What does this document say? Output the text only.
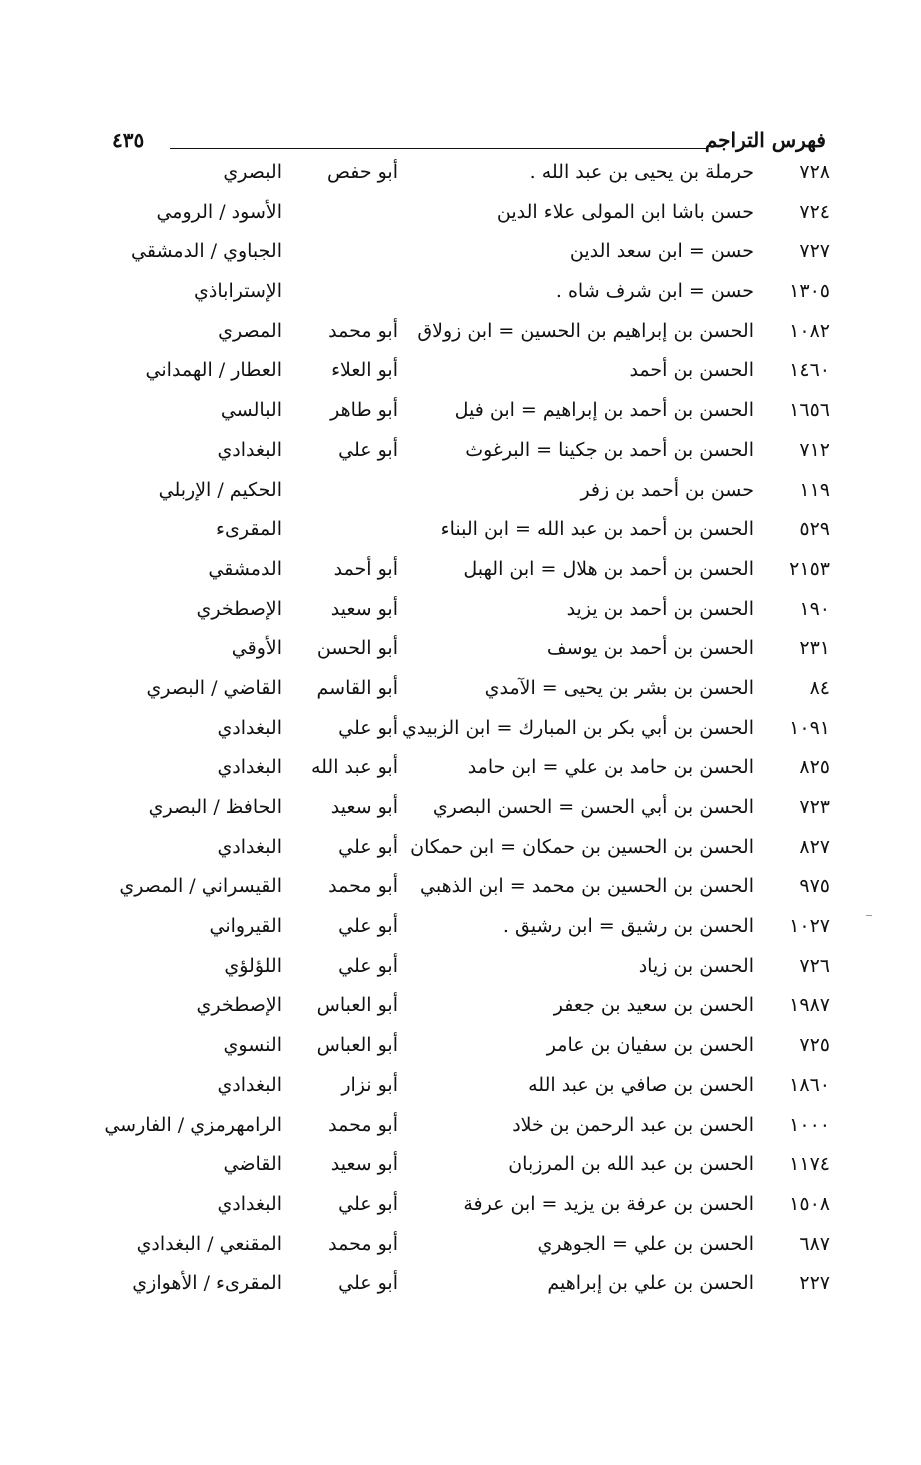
٤٣٥	فهرس التراجم
٧٢٨
حرملة بن يحيى بن عبد الله .
أبو حفص
البصري
٧٢٤
حسن باشا ابن المولى علاء الدين
الأسود / الرومي
٧٢٧
حسن = ابن سعد الدين
الجباوي / الدمشقي
١٣٠٥
حسن = ابن شرف شاه .
الإستراباذي
١٠٨٢
الحسن بن إبراهيم بن الحسين = ابن زولاق
أبو محمد
المصري
١٤٦٠
الحسن بن أحمد
أبو العلاء
العطار / الهمداني
١٦٥٦
الحسن بن أحمد بن إبراهيم = ابن فيل
أبو طاهر
البالسي
٧١٢
الحسن بن أحمد بن جكينا = البرغوث
أبو علي
البغدادي
١١٩
حسن بن أحمد بن زفر
الحكيم / الإربلي
٥٢٩
الحسن بن أحمد بن عبد الله = ابن البناء
المقرىء
٢١٥٣
الحسن بن أحمد بن هلال = ابن الهبل
أبو أحمد
الدمشقي
١٩٠
الحسن بن أحمد بن يزيد
أبو سعيد
الإصطخري
٢٣١
الحسن بن أحمد بن يوسف
أبو الحسن
الأوقي
٨٤
الحسن بن بشر بن يحيى = الآمدي
أبو القاسم
القاضي / البصري
١٠٩١
الحسن بن أبي بكر بن المبارك = ابن الزبيدي
أبو علي
البغدادي
٨٢٥
الحسن بن حامد بن علي = ابن حامد
أبو عبد الله
البغدادي
٧٢٣
الحسن بن أبي الحسن = الحسن البصري
أبو سعيد
الحافظ / البصري
٨٢٧
الحسن بن الحسين بن حمكان = ابن حمكان
أبو علي
البغدادي
٩٧٥
الحسن بن الحسين بن محمد = ابن الذهبي
أبو محمد
القيسراني / المصري
١٠٢٧
الحسن بن رشيق = ابن رشيق .
أبو علي
القيرواني
٧٢٦
الحسن بن زياد
أبو علي
اللؤلؤي
١٩٨٧
الحسن بن سعيد بن جعفر
أبو العباس
الإصطخري
٧٢٥
الحسن بن سفيان بن عامر
أبو العباس
النسوي
١٨٦٠
الحسن بن صافي بن عبد الله
أبو نزار
البغدادي
١٠٠٠
الحسن بن عبد الرحمن بن خلاد
أبو محمد
الرامهرمزي / الفارسي
١١٧٤
الحسن بن عبد الله بن المرزبان
أبو سعيد
القاضي
١٥٠٨
الحسن بن عرفة بن يزيد = ابن عرفة
أبو علي
البغدادي
٦٨٧
الحسن بن علي = الجوهري
أبو محمد
المقنعي / البغدادي
٢٢٧
الحسن بن علي بن إبراهيم
أبو علي
المقرىء / الأهوازي
